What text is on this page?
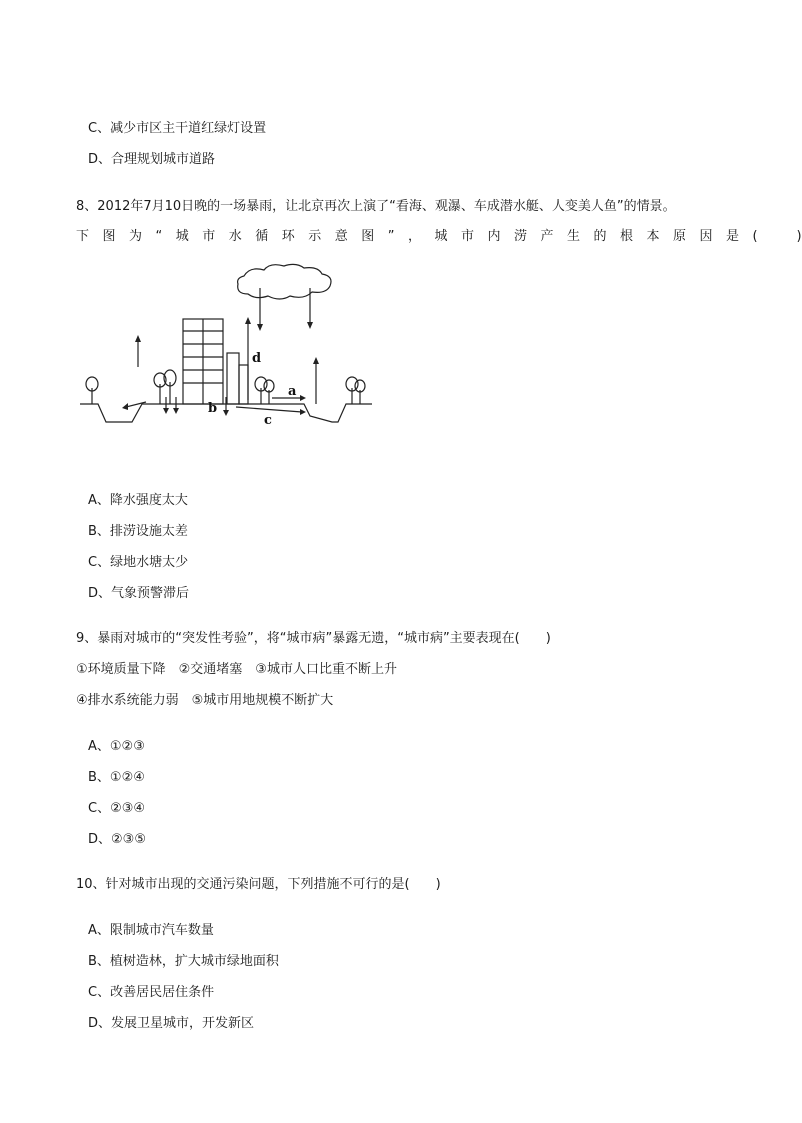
C、减少市区主干道红绿灯设置
D、合理规划城市道路
8、2012年7月10日晚的一场暴雨，让北京再次上演了“看海、观瀑、车成潜水艇、人变美人鱼”的情景。
下图为“城市水循环示意图”，城市内涝产生的根本原因是 (　　　)
d
a
b
c
A、降水强度太大
B、排涝设施太差
C、绿地水塘太少
D、气象预警滞后
9、暴雨对城市的“突发性考验”，将“城市病”暴露无遗，“城市病”主要表现在(　　)
①环境质量下降　②交通堵塞　③城市人口比重不断上升
④排水系统能力弱　⑤城市用地规模不断扩大
A、①②③
B、①②④
C、②③④
D、②③⑤
10、针对城市出现的交通污染问题，下列措施不可行的是(　　)
A、限制城市汽车数量
B、植树造林，扩大城市绿地面积
C、改善居民居住条件
D、发展卫星城市，开发新区
